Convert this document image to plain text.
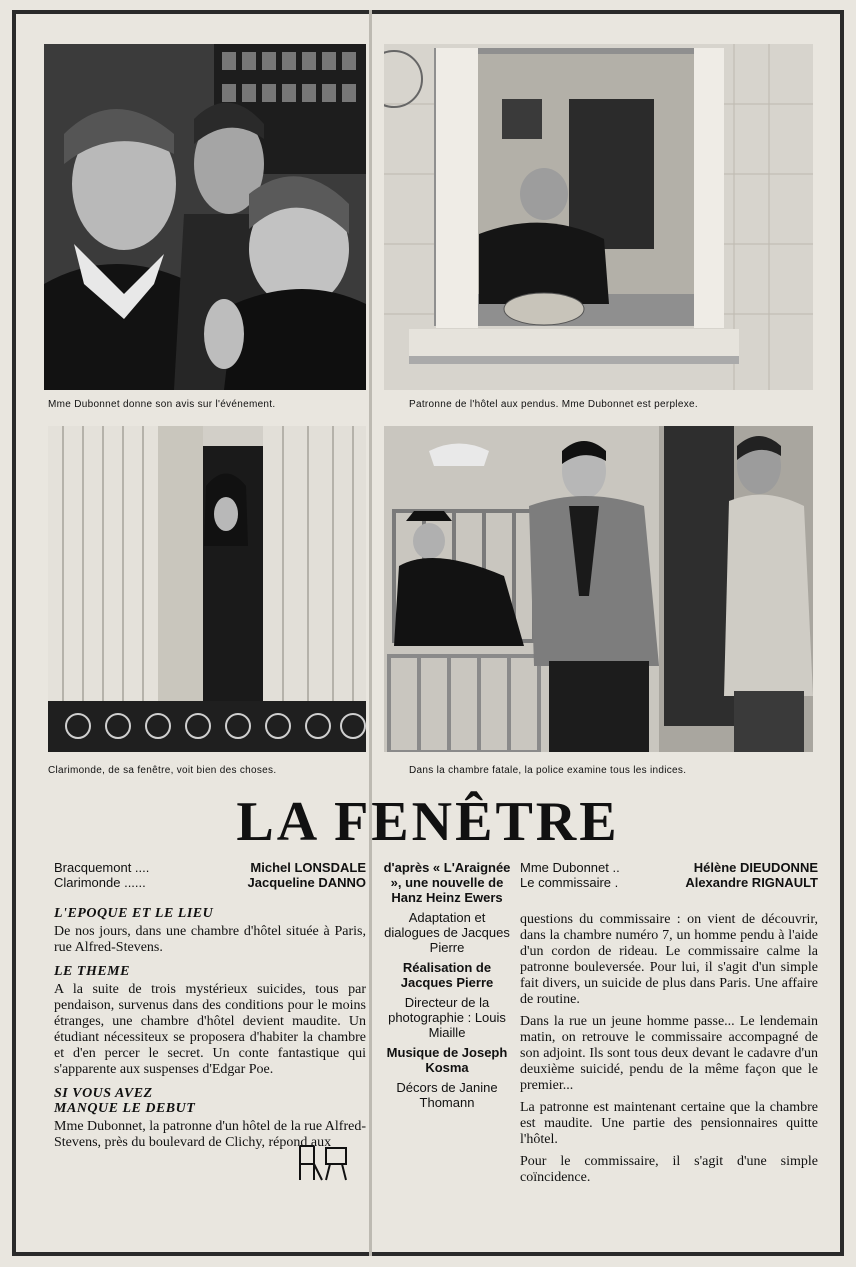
Mme Dubonnet donne son avis sur l'événement.	Patronne de l'hôtel aux pendus. Mme Dubonnet est perplexe.
Clarimonde, de sa fenêtre, voit bien des choses.	Dans la chambre fatale, la police examine tous les indices.
LA FENÊTRE
Bracquemont ....	Michel LONSDALE
Clarimonde ......	Jacqueline DANNO
L'EPOQUE ET LE LIEU

De nos jours, dans une chambre d'hôtel située à Paris, rue Alfred-Stevens.

LE THEME

A la suite de trois mystérieux suicides, tous par pendaison, survenus dans des conditions pour le moins étranges, une chambre d'hôtel devient maudite. Un étudiant nécessiteux se proposera d'habiter la chambre et d'en percer le secret. Un conte fantastique qui s'apparente aux suspenses d'Edgar Poe.

SI VOUS AVEZ
MANQUE LE DEBUT

Mme Dubonnet, la patronne d'un hôtel de la rue Alfred-Stevens, près du boulevard de Clichy, répond aux

d'après « L'Araignée », une nouvelle de Hanz Heinz Ewers
Adaptation et dialogues de Jacques Pierre
Réalisation de Jacques Pierre
Directeur de la photographie : Louis Miaille
Musique de Joseph Kosma
Décors de Janine Thomann
Mme Dubonnet ..	Hélène DIEUDONNE
Le commissaire .	Alexandre RIGNAULT

questions du commissaire : on vient de découvrir, dans la chambre numéro 7, un homme pendu à l'aide d'un cordon de rideau. Le commissaire calme la patronne bouleversée. Pour lui, il s'agit d'un simple fait divers, un suicide de plus dans Paris. Une affaire de routine.

Dans la rue un jeune homme passe... Le lendemain matin, on retrouve le commissaire accompagné de son adjoint. Ils sont tous deux devant le cadavre d'un deuxième suicidé, pendu de la même façon que le premier...

La patronne est maintenant certaine que la chambre est maudite. Une partie des pensionnaires quitte l'hôtel.

Pour le commissaire, il s'agit d'une simple coïncidence.
